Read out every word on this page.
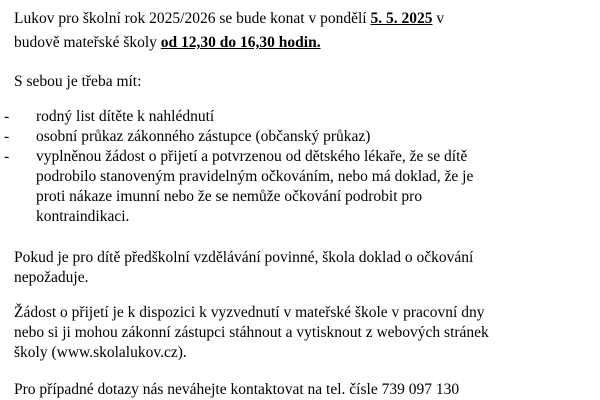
Lukov pro školní rok 2025/2026 se bude konat v pondělí 5. 5. 2025 v
budově mateřské školy od 12,30 do 16,30 hodin.
S sebou je třeba mít:
-	rodný list dítěte k nahlédnutí
-	osobní průkaz zákonného zástupce (občanský průkaz)
-	vyplněnou žádost o přijetí a potvrzenou od dětského lékaře, že se dítě
podrobilo stanoveným pravidelným očkováním, nebo má doklad, že je
proti nákaze imunní nebo že se nemůže očkování podrobit pro
kontraindikaci.
Pokud je pro dítě předškolní vzdělávání povinné, škola doklad o očkování
nepožaduje.
Žádost o přijetí je k dispozici k vyzvednutí v mateřské škole v pracovní dny
nebo si ji mohou zákonní zástupci stáhnout a vytisknout z webových stránek
školy (www.skolalukov.cz).
Pro případné dotazy nás neváhejte kontaktovat na tel. čísle 739 097 130
